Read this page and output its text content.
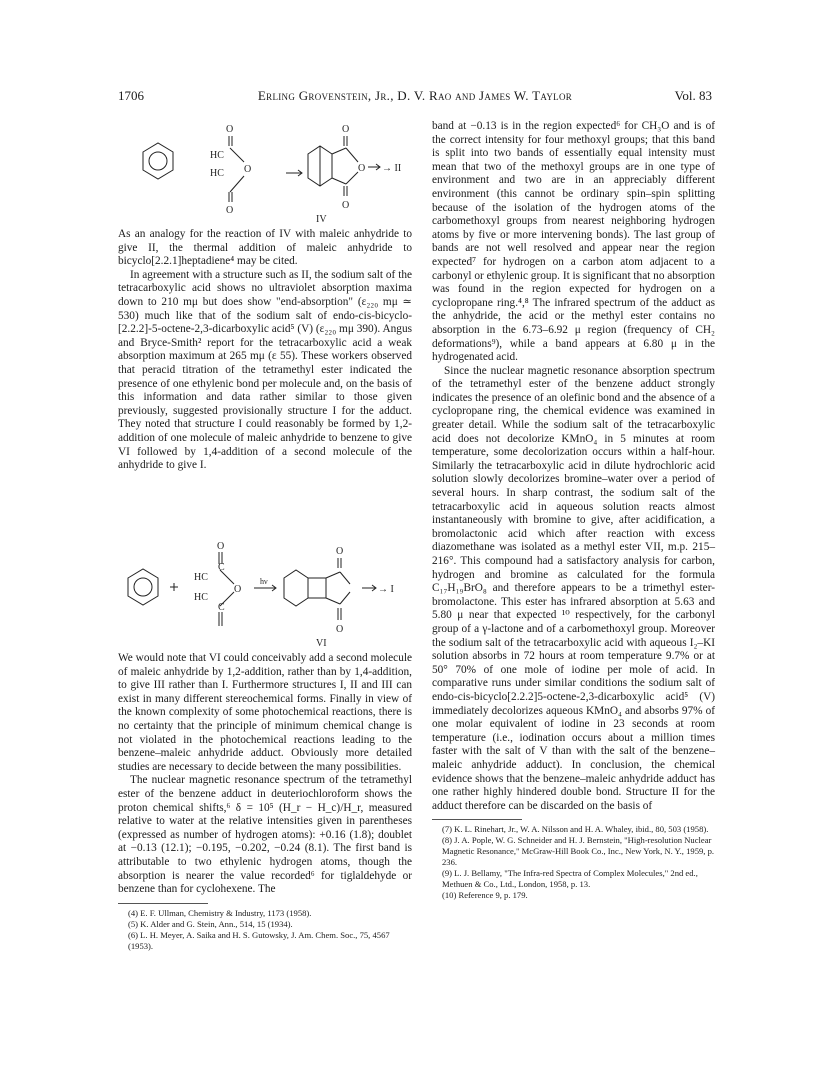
1706	Erling Grovenstein, Jr., D. V. Rao and James W. Taylor	Vol. 83
O	O
HC
HC O
O
O
O
→ II
IV

As an analogy for the reaction of IV with maleic anhydride to give II, the thermal addition of maleic anhydride to bicyclo[2.2.1]heptadiene⁴ may be cited.

In agreement with a structure such as II, the sodium salt of the tetracarboxylic acid shows no ultraviolet absorption maxima down to 210 mμ but does show "end-absorption" (ε₂₂₀ mμ ≃ 530) much like that of the sodium salt of endo-cis-bicyclo-[2.2.2]-5-octene-2,3-dicarboxylic acid⁵ (V) (ε₂₂₀ mμ 390). Angus and Bryce-Smith² report for the tetracarboxylic acid a weak absorption maximum at 265 mμ (ε 55). These workers observed that peracid titration of the tetramethyl ester indicated the presence of one ethylenic bond per molecule and, on the basis of this information and data rather similar to those given previously, suggested provisionally structure I for the adduct. They noted that structure I could reasonably be formed by 1,2-addition of one molecule of maleic anhydride to benzene to give VI followed by 1,4-addition of a second molecule of the anhydride to give I.

O	O
HC
HC
C
C
O
O
hν
→ I
VI

We would note that VI could conceivably add a second molecule of maleic anhydride by 1,2-addition, rather than by 1,4-addition, to give III rather than I. Furthermore structures I, II and III can exist in many different stereochemical forms. Finally in view of the known complexity of some photochemical reactions, there is no certainty that the principle of minimum chemical change is not violated in the photochemical reactions leading to the benzene–maleic anhydride adduct. Obviously more detailed studies are necessary to decide between the many possibilities.

The nuclear magnetic resonance spectrum of the tetramethyl ester of the benzene adduct in deuteriochloroform shows the proton chemical shifts,⁶ δ = 10⁵ (H_r − H_c)/H_r, measured relative to water at the relative intensities given in parentheses (expressed as number of hydrogen atoms): +0.16 (1.8); doublet at −0.13 (12.1); −0.195, −0.202, −0.24 (8.1). The first band is attributable to two ethylenic hydrogen atoms, though the absorption is nearer the value recorded⁶ for tiglaldehyde or benzene than for cyclohexene. The

(4) E. F. Ullman, Chemistry & Industry, 1173 (1958).

(5) K. Alder and G. Stein, Ann., 514, 15 (1934).

(6) L. H. Meyer, A. Saika and H. S. Gutowsky, J. Am. Chem. Soc., 75, 4567 (1953).

band at −0.13 is in the region expected⁶ for CH₃O and is of the correct intensity for four methoxyl groups; that this band is split into two bands of essentially equal intensity must mean that two of the methoxyl groups are in one type of environment and two are in an appreciably different environment (this cannot be ordinary spin–spin splitting because of the isolation of the hydrogen atoms of the carbomethoxyl groups from nearest neighboring hydrogen atoms by five or more intervening bonds). The last group of bands are not well resolved and appear near the region expected⁷ for hydrogen on a carbon atom adjacent to a carbonyl or ethylenic group. It is significant that no absorption was found in the region expected for hydrogen on a cyclopropane ring.⁴,⁸ The infrared spectrum of the adduct as the anhydride, the acid or the methyl ester contains no absorption in the 6.73–6.92 μ region (frequency of CH₂ deformations⁹), while a band appears at 6.80 μ in the hydrogenated acid.

Since the nuclear magnetic resonance absorption spectrum of the tetramethyl ester of the benzene adduct strongly indicates the presence of an olefinic bond and the absence of a cyclopropane ring, the chemical evidence was examined in greater detail. While the sodium salt of the tetracarboxylic acid does not decolorize KMnO₄ in 5 minutes at room temperature, some decolorization occurs within a half-hour. Similarly the tetracarboxylic acid in dilute hydrochloric acid solution slowly decolorizes bromine–water over a period of several hours. In sharp contrast, the sodium salt of the tetracarboxylic acid in aqueous solution reacts almost instantaneously with bromine to give, after acidification, a bromolactonic acid which after reaction with excess diazomethane was isolated as a methyl ester VII, m.p. 215–216°. This compound had a satisfactory analysis for carbon, hydrogen and bromine as calculated for the formula C₁₇H₁₉BrO₈ and therefore appears to be a trimethyl ester-bromolactone. This ester has infrared absorption at 5.63 and 5.80 μ near that expected ¹⁰ respectively, for the carbonyl group of a γ-lactone and of a carbomethoxyl group. Moreover the sodium salt of the tetracarboxylic acid with aqueous I₂–KI solution absorbs in 72 hours at room temperature 9.7% or at 50° 70% of one mole of iodine per mole of acid. In comparative runs under similar conditions the sodium salt of endo-cis-bicyclo[2.2.2]5-octene-2,3-dicarboxylic acid⁵ (V) immediately decolorizes aqueous KMnO₄ and absorbs 97% of one molar equivalent of iodine in 23 seconds at room temperature (i.e., iodination occurs about a million times faster with the salt of V than with the salt of the benzene–maleic anhydride adduct). In conclusion, the chemical evidence shows that the benzene–maleic anhydride adduct has one rather highly hindered double bond. Structure II for the adduct therefore can be discarded on the basis of

(7) K. L. Rinehart, Jr., W. A. Nilsson and H. A. Whaley, ibid., 80, 503 (1958).

(8) J. A. Pople, W. G. Schneider and H. J. Bernstein, "High-resolution Nuclear Magnetic Resonance," McGraw-Hill Book Co., Inc., New York, N. Y., 1959, p. 236.

(9) L. J. Bellamy, "The Infra-red Spectra of Complex Molecules," 2nd ed., Methuen & Co., Ltd., London, 1958, p. 13.

(10) Reference 9, p. 179.
